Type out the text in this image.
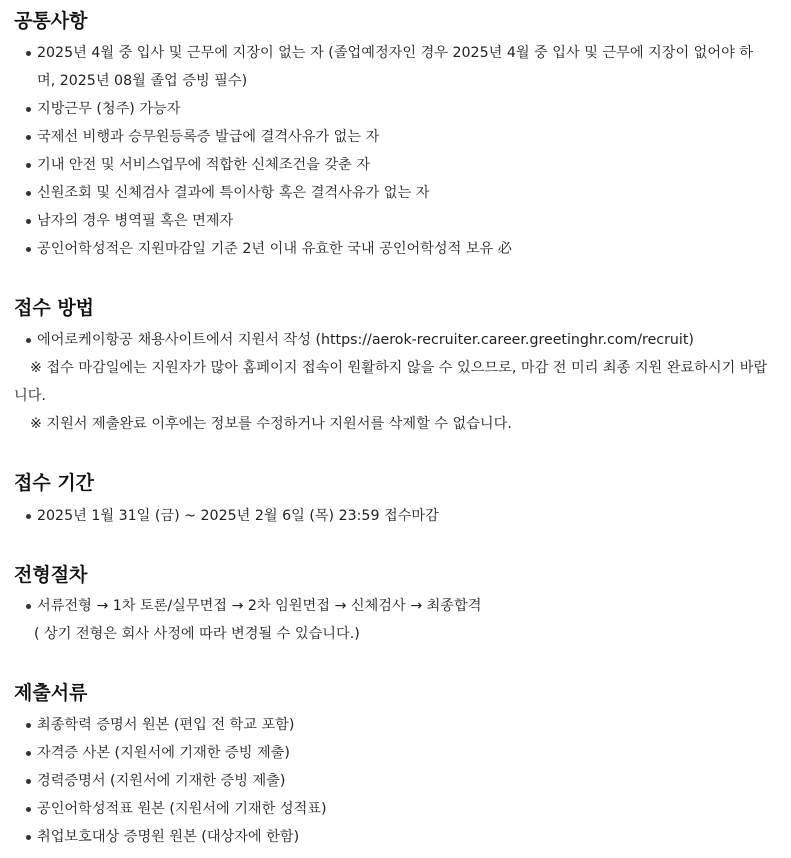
공통사항
2025년 4월 중 입사 및 근무에 지장이 없는 자 (졸업예정자인 경우 2025년 4월 중 입사 및 근무에 지장이 없어야 하
며, 2025년 08월 졸업 증빙 필수)
지방근무 (청주) 가능자
국제선 비행과 승무원등록증 발급에 결격사유가 없는 자
기내 안전 및 서비스업무에 적합한 신체조건을 갖춘 자
신원조회 및 신체검사 결과에 특이사항 혹은 결격사유가 없는 자
남자의 경우 병역필 혹은 면제자
공인어학성적은 지원마감일 기준 2년 이내 유효한 국내 공인어학성적 보유 必
접수 방법
에어로케이항공 채용사이트에서 지원서 작성 (https://aerok-recruiter.career.greetinghr.com/recruit)
※ 접수 마감일에는 지원자가 많아 홈페이지 접속이 원활하지 않을 수 있으므로, 마감 전 미리 최종 지원 완료하시기 바랍
니다.
※ 지원서 제출완료 이후에는 정보를 수정하거나 지원서를 삭제할 수 없습니다.
접수 기간
2025년 1월 31일 (금) ~ 2025년 2월 6일 (목) 23:59 접수마감
전형절차
서류전형 → 1차 토론/실무면접 → 2차 임원면접 → 신체검사 → 최종합격
( 상기 전형은 회사 사정에 따라 변경될 수 있습니다.)
제출서류
최종학력 증명서 원본 (편입 전 학교 포함)
자격증 사본 (지원서에 기재한 증빙 제출)
경력증명서 (지원서에 기재한 증빙 제출)
공인어학성적표 원본 (지원서에 기재한 성적표)
취업보호대상 증명원 원본 (대상자에 한함)
